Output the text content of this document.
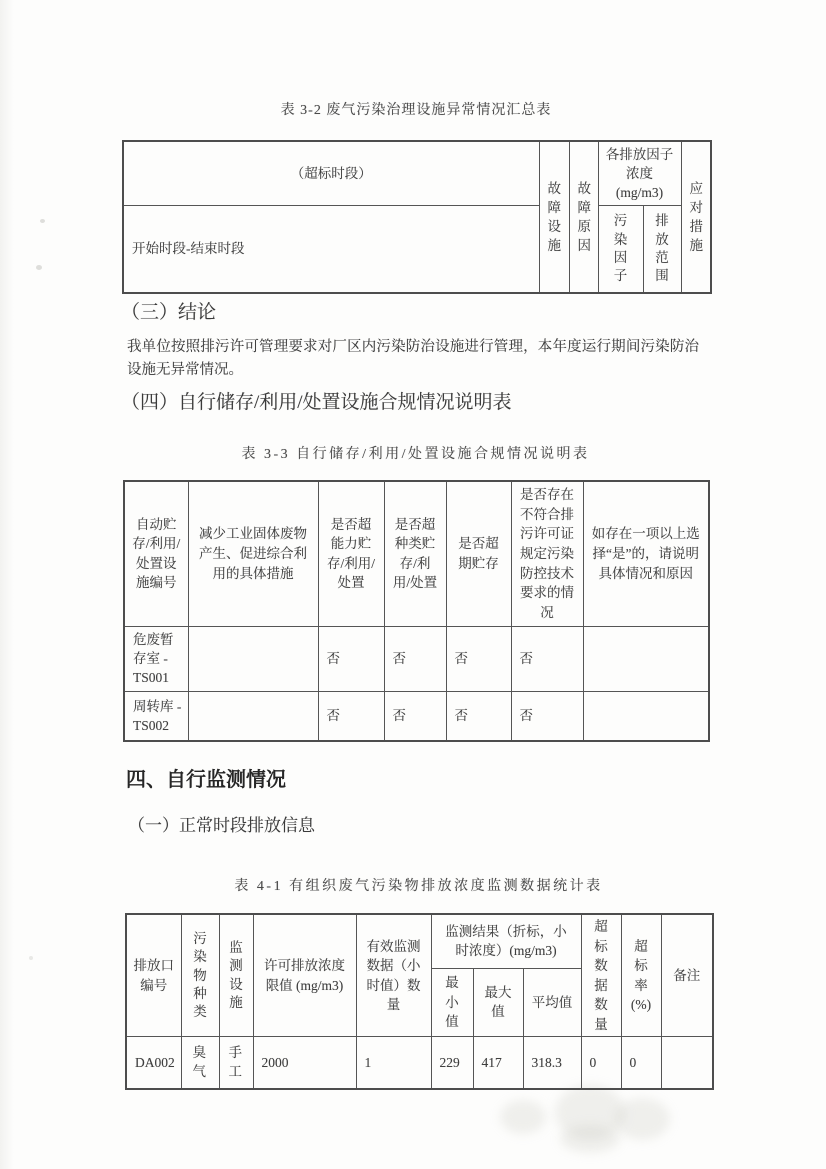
表 3-2 废气污染治理设施异常情况汇总表
（超标时段）	故障设施	故障原因	各排放因子浓度 (mg/m3)		应对措施
开始时段-结束时段			污染因子	排放范围	
（三）结论
我单位按照排污许可管理要求对厂区内污染防治设施进行管理，本年度运行期间污染防治设施无异常情况。
（四）自行储存/利用/处置设施合规情况说明表
表 3-3 自行储存/利用/处置设施合规情况说明表
自动贮存/利用/处置设施编号	减少工业固体废物产生、促进综合利用的具体措施	是否超能力贮存/利用/处置	是否超种类贮存/利用/处置	是否超期贮存	是否存在不符合排污许可证规定污染防控技术要求的情况	如存在一项以上选择“是”的，请说明具体情况和原因
危废暂存室 - TS001		否	否	否	否	
周转库 - TS002		否	否	否	否	
四、自行监测情况
（一）正常时段排放信息
表 4-1 有组织废气污染物排放浓度监测数据统计表
排放口编号	污染物种类	监测设施	许可排放浓度限值 (mg/m3)	有效监测数据（小时值）数量	监测结果（折标，小时浓度）(mg/m3)			超标数据数量	超标率 (%)	备注
					最小值	最大值	平均值			
DA002	臭气	手工	2000	1	229	417	318.3	0	0	
